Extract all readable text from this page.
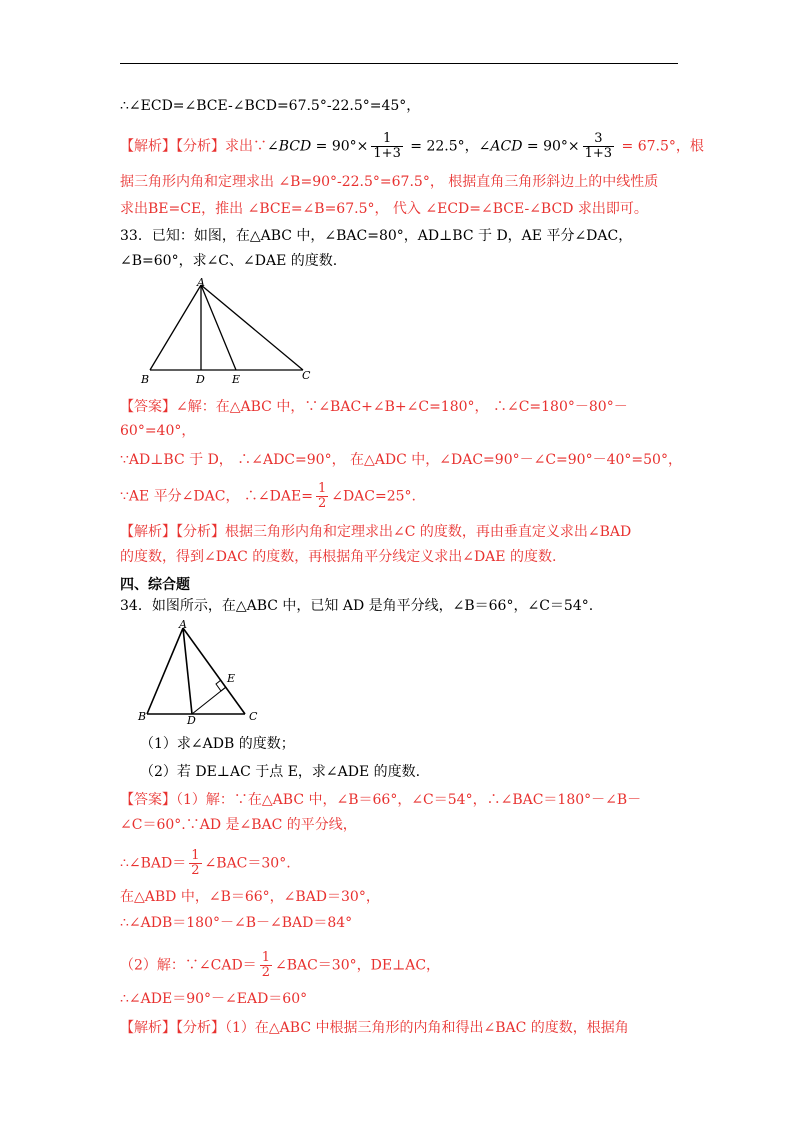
∴∠ECD=∠BCE-∠BCD=67.5°-22.5°=45°，
【解析】【分析】求出∵∠BCD = $90^\circ\times \frac{1}{1+3} = 22.5^\circ$，∠ACD = $90^\circ\times \frac{3}{1+3} = 67.5^\circ$，根
据三角形内角和定理求出 ∠B=90°-22.5°=67.5°， 根据直角三角形斜边上的中线性质
求出BE=CE，推出 ∠BCE=∠B=67.5°， 代入 ∠ECD=∠BCE-∠BCD 求出即可。
33．已知：如图，在△ABC 中，∠BAC=80°，AD⊥BC 于 D，AE 平分∠DAC，
∠B=60°，求∠C、∠DAE 的度数.
A
B	D E	C
【答案】∠解：在△ABC 中，∵∠BAC+∠B+∠C=180°， ∴∠C=180°－80°－
60°=40°，
∵AD⊥BC 于 D， ∴∠ADC=90°， 在△ADC 中，∠DAC=90°－∠C=90°－40°=50°，
∵AE 平分∠DAC， ∴∠DAE= $\frac{1}{2}$ ∠DAC=25°.
【解析】【分析】根据三角形内角和定理求出∠C 的度数，再由垂直定义求出∠BAD
的度数，得到∠DAC 的度数，再根据角平分线定义求出∠DAE 的度数.
四、综合题
34．如图所示，在△ABC 中，已知 AD 是角平分线，∠B＝66°，∠C＝54°.
A
B	D
E
C
（1）求∠ADB 的度数；
（2）若 DE⊥AC 于点 E，求∠ADE 的度数.
【答案】（1）解：∵在△ABC 中，∠B＝66°，∠C＝54°，∴∠BAC＝180°－∠B－
∠C＝60°.∵AD 是∠BAC 的平分线，
∴∠BAD＝ $\frac{1}{2}$ ∠BAC＝30°.
在△ABD 中，∠B＝66°，∠BAD＝30°，
∴∠ADB＝180°－∠B－∠BAD＝84°
（2）解：∵∠CAD＝ $\frac{1}{2}$ ∠BAC＝30°，DE⊥AC，
∴∠ADE＝90°－∠EAD＝60°
【解析】【分析】（1）在△ABC 中根据三角形的内角和得出∠BAC 的度数，根据角
